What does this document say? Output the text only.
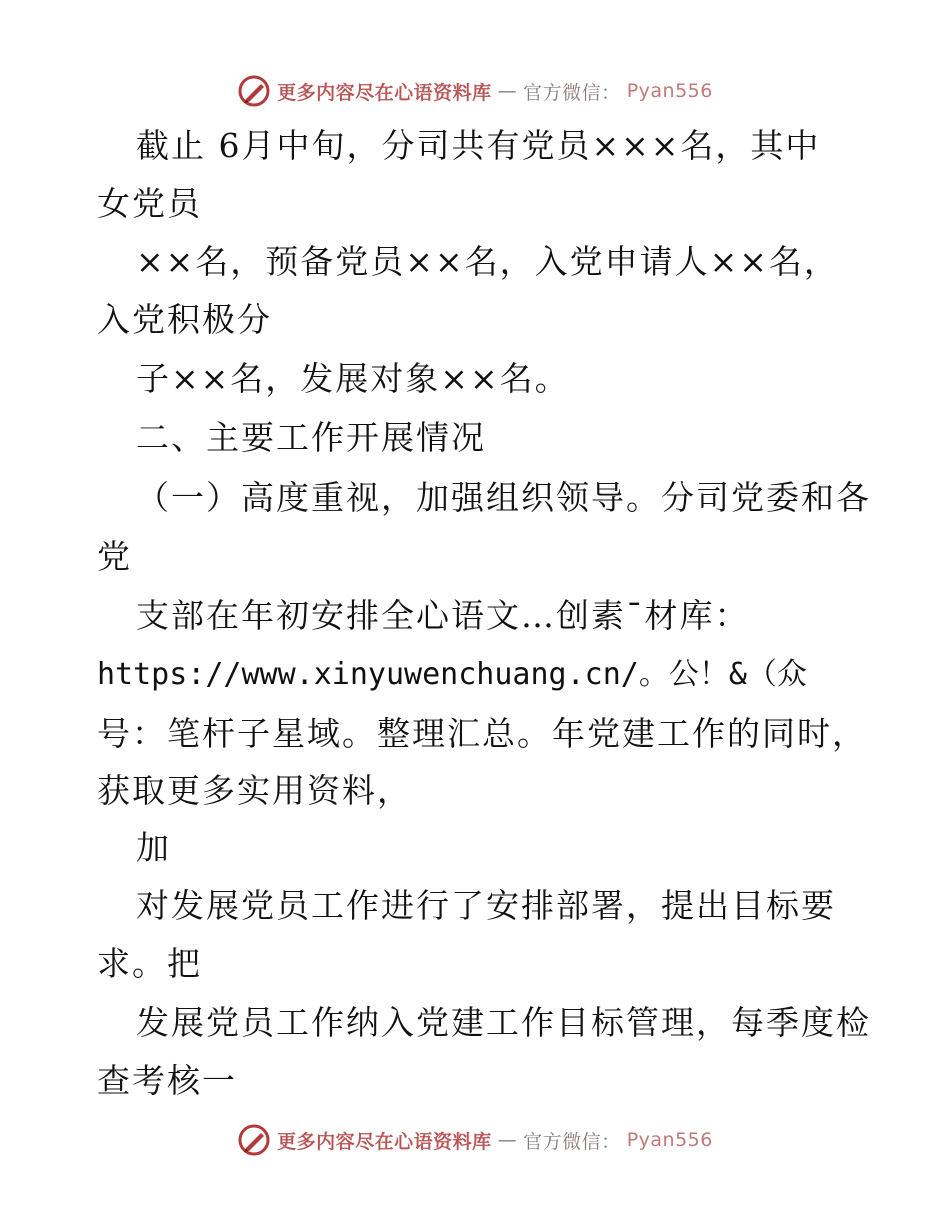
更多内容尽在心语资料库 — 官方微信： Pyan556
截止 6月中旬，分司共有党员×××名，其中
女党员
××名，预备党员××名，入党申请人××名，
入党积极分
子××名，发展对象××名。
二、主要工作开展情况
（一）高度重视，加强组织领导。分司党委和各
党
支部在年初安排全心语文…创素¯材库：
https://www.xinyuwenchuang.cn/。公！&（众
号：笔杆子星域。整理汇总。年党建工作的同时，
获取更多实用资料，
加
对发展党员工作进行了安排部署，提出目标要
求。把
发展党员工作纳入党建工作目标管理，每季度检
查考核一
更多内容尽在心语资料库 — 官方微信： Pyan556
